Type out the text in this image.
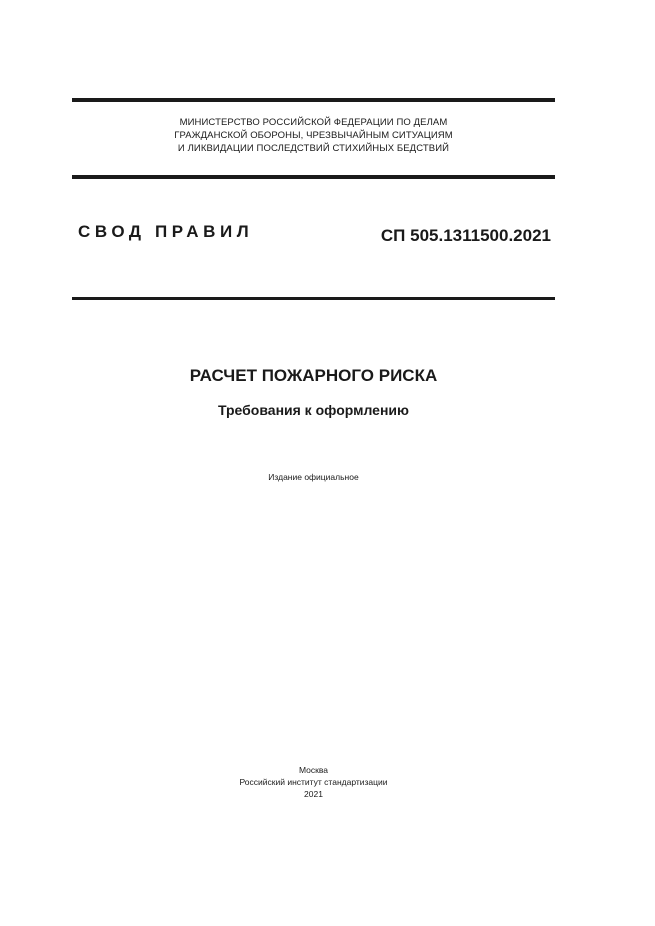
МИНИСТЕРСТВО РОССИЙСКОЙ ФЕДЕРАЦИИ ПО ДЕЛАМ
ГРАЖДАНСКОЙ ОБОРОНЫ, ЧРЕЗВЫЧАЙНЫМ СИТУАЦИЯМ
И ЛИКВИДАЦИИ ПОСЛЕДСТВИЙ СТИХИЙНЫХ БЕДСТВИЙ
СВОД ПРАВИЛ	СП 505.1311500.2021
РАСЧЕТ ПОЖАРНОГО РИСКА
Требования к оформлению
Издание официальное
Москва
Российский институт стандартизации
2021
